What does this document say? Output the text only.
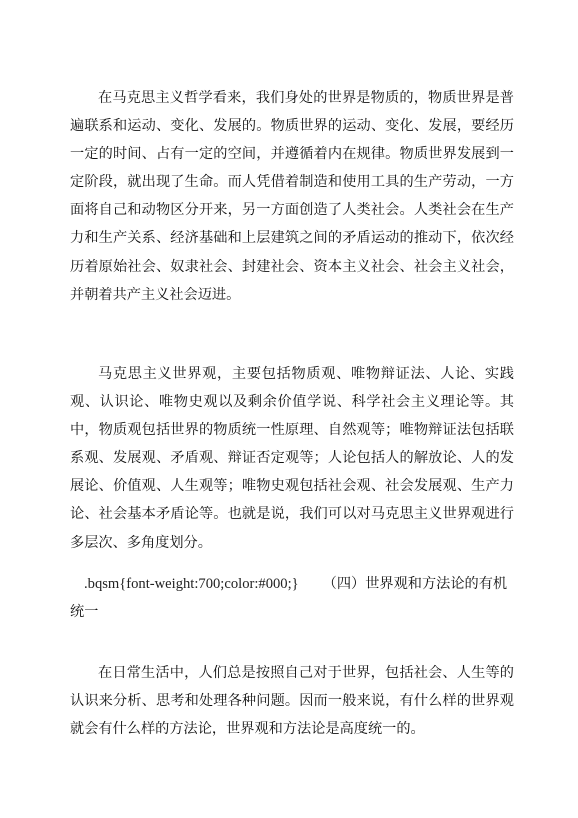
在马克思主义哲学看来，我们身处的世界是物质的，物质世界是普遍联系和运动、变化、发展的。物质世界的运动、变化、发展，要经历一定的时间、占有一定的空间，并遵循着内在规律。物质世界发展到一定阶段，就出现了生命。而人凭借着制造和使用工具的生产劳动，一方面将自己和动物区分开来，另一方面创造了人类社会。人类社会在生产力和生产关系、经济基础和上层建筑之间的矛盾运动的推动下，依次经历着原始社会、奴隶社会、封建社会、资本主义社会、社会主义社会，并朝着共产主义社会迈进。

马克思主义世界观，主要包括物质观、唯物辩证法、人论、实践观、认识论、唯物史观以及剩余价值学说、科学社会主义理论等。其中，物质观包括世界的物质统一性原理、自然观等；唯物辩证法包括联系观、发展观、矛盾观、辩证否定观等；人论包括人的解放论、人的发展论、价值观、人生观等；唯物史观包括社会观、社会发展观、生产力论、社会基本矛盾论等。也就是说，我们可以对马克思主义世界观进行多层次、多角度划分。

.bqsm{font-weight:700;color:#000;} （四）世界观和方法论的有机统一

在日常生活中，人们总是按照自己对于世界，包括社会、人生等的认识来分析、思考和处理各种问题。因而一般来说，有什么样的世界观就会有什么样的方法论，世界观和方法论是高度统一的。
